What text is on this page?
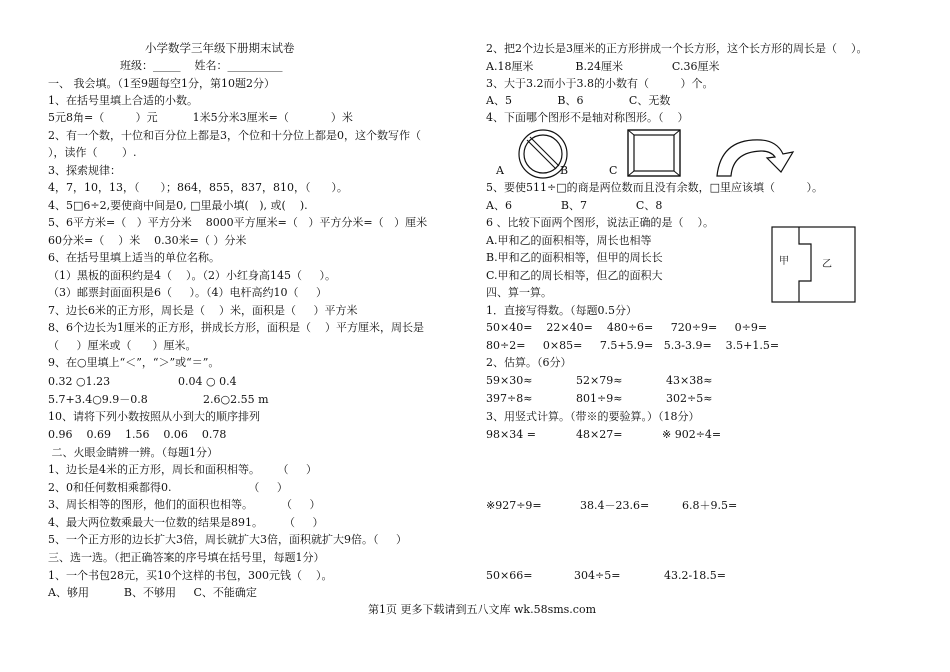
小学数学三年级下册期末试卷
班级：_____    姓名：__________
一、 我会填。（1至9题每空1分，第10题2分）
1、在括号里填上合适的小数。
5元8角=（         ）元          1米5分米3厘米=（            ）米
2、有一个数，十位和百分位上都是3，个位和十分位上都是0，这个数写作（
），读作（       ）.
3、探索规律：
4，7，10，13，（      ）；864，855，837，810，（      ）。
4、5□6÷2,要使商中间是0, □里最小填(   ), 或(    ).
5、6平方米=（   ）平方分米    8000平方厘米=（   ）平方分米=（   ）厘米
60分米=（    ）米    0.30米=（ ）分米
6、在括号里填上适当的单位名称。
（1）黑板的面积约是4（    ）。（2）小红身高145（     ）。
（3）邮票封面面积是6（     ）。（4）电杆高约10（     ）
7、边长6米的正方形，周长是（    ）米，面积是（     ）平方米
8、6个边长为1厘米的正方形，拼成长方形，面积是（    ）平方厘米，周长是
（     ）厘米或（      ）厘米。
9、在○里填上“＜”，“＞”或“＝”。
0.32 ○1.23	0.04 ○ 0.4
5.7+3.4○9.9－0.8	2.6○2.55 m
10、请将下列小数按照从小到大的顺序排列
0.96    0.69    1.56    0.06    0.78
二、火眼金睛辨一辨。（每题1分）
1、边长是4米的正方形，周长和面积相等。     （     ）
2、0和任何数相乘都得0.                      （     ）
3、周长相等的图形，他们的面积也相等。        （     ）
4、最大两位数乘最大一位数的结果是891。      （     ）
5、一个正方形的边长扩大3倍，周长就扩大3倍，面积就扩大9倍。（     ）
三、选一选。（把正确答案的序号填在括号里，每题1分）
1、一个书包28元，买10个这样的书包，300元钱（    ）。
A、够用          B、不够用     C、不能确定
2、把2个边长是3厘米的正方形拼成一个长方形，这个长方形的周长是（    ）。
A.18厘米            B.24厘米              C.36厘米
3、大于3.2而小于3.8的小数有（         ）个。
A、5             B、6             C、无数
4、下面哪个图形不是轴对称图形。（    ）
A	B	C
5、要使511÷□的商是两位数而且没有余数，□里应该填（         ）。
A、6              B、7              C、8
6 、比较下面两个图形，说法正确的是（    ）。
A.甲和乙的面积相等，周长也相等
B.甲和乙的面积相等，但甲的周长长
C.甲和乙的周长相等，但乙的面积大
甲	乙
四、算一算。
1．直接写得数。（每题0.5分）
50×40=    22×40=    480÷6=     720÷9=     0÷9=
80÷2=     0×85=     7.5+5.9=   5.3-3.9=    3.5+1.5=
2、估算。（6分）
59×30≈	52×79≈	43×38≈
397÷8≈	801÷9≈	302÷5≈
3、用竖式计算。（带※的要验算。）（18分）
98×34 =	48×27=	※ 902÷4=
※927÷9=	38.4－23.6=	6.8＋9.5=
50×66=	304÷5=	43.2-18.5=
第1页 更多下载请到五八文库 wk.58sms.com
